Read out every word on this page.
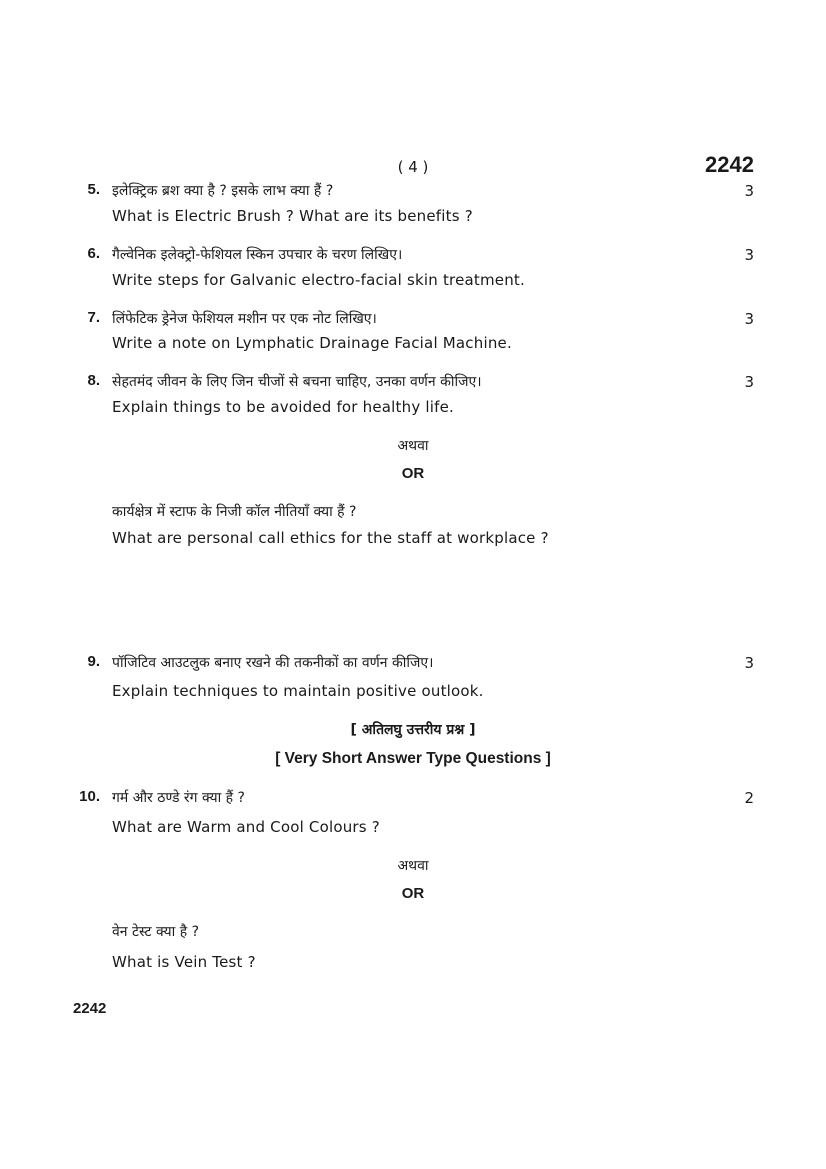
( 4 )	2242
5. इलेक्ट्रिक ब्रश क्या है ? इसके लाभ क्या हैं ?	3
What is Electric Brush ? What are its benefits ?
6. गैल्वेनिक इलेक्ट्रो-फेशियल स्किन उपचार के चरण लिखिए।	3
Write steps for Galvanic electro-facial skin treatment.
7. लिंफेटिक ड्रेनेज फेशियल मशीन पर एक नोट लिखिए।	3
Write a note on Lymphatic Drainage Facial Machine.
8. सेहतमंद जीवन के लिए जिन चीजों से बचना चाहिए, उनका वर्णन कीजिए।	3
Explain things to be avoided for healthy life.
अथवा
OR
कार्यक्षेत्र में स्टाफ के निजी कॉल नीतियाँ क्या हैं ?
What are personal call ethics for the staff at workplace ?
9. पॉजिटिव आउटलुक बनाए रखने की तकनीकों का वर्णन कीजिए।	3
Explain techniques to maintain positive outlook.
[ अतिलघु उत्तरीय प्रश्न ]
[ Very Short Answer Type Questions ]
10. गर्म और ठण्डे रंग क्या हैं ?	2
What are Warm and Cool Colours ?
अथवा
OR
वेन टेस्ट क्या है ?
What is Vein Test ?
2242
